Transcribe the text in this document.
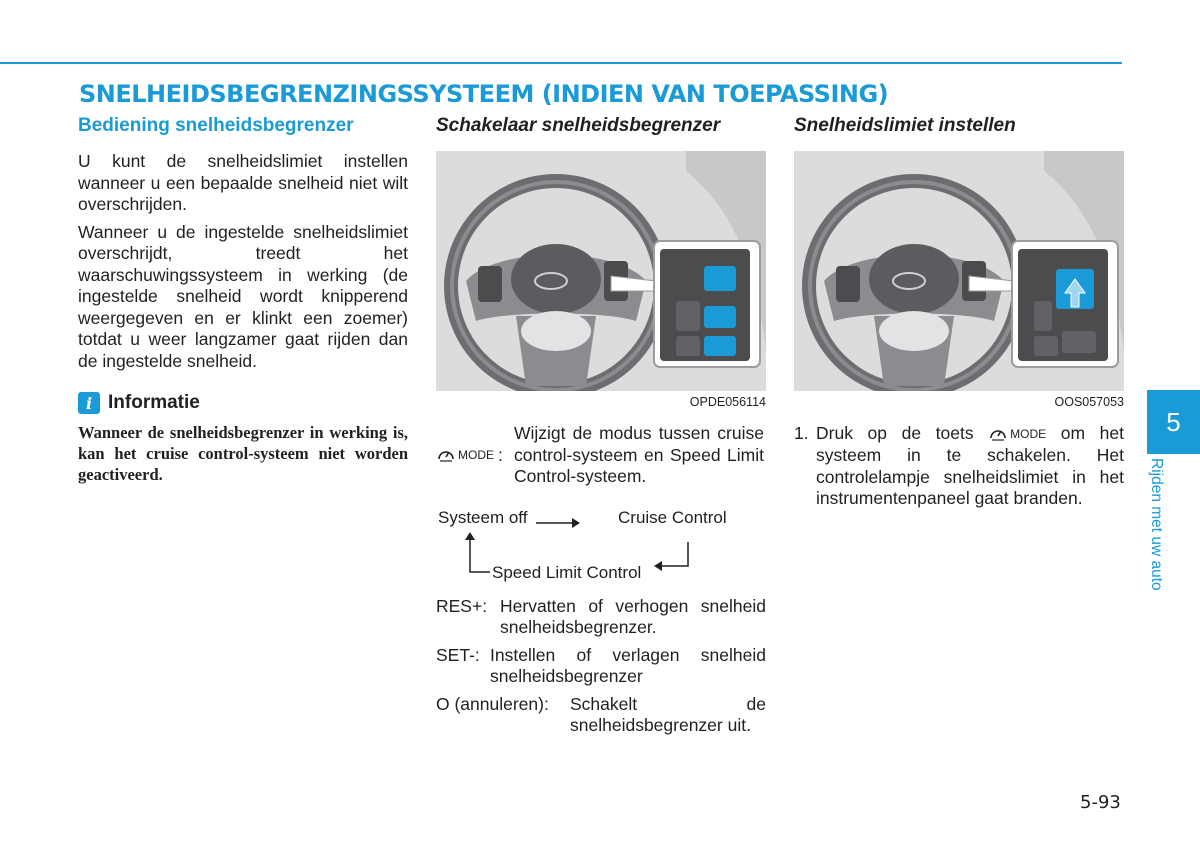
SNELHEIDSBEGRENZINGSSYSTEEM (INDIEN VAN TOEPASSING)
Bediening snelheidsbegrenzer

U kunt de snelheidslimiet instellen wanneer u een bepaalde snelheid niet wilt overschrijden.

Wanneer u de ingestelde snelheidslimiet overschrijdt, treedt het waarschuwingssysteem in werking (de ingestelde snelheid wordt knipperend weergegeven en er klinkt een zoemer) totdat u weer langzamer gaat rijden dan de ingestelde snelheid.

i Informatie
Wanneer de snelheidsbegrenzer in werking is, kan het cruise control-systeem niet worden geactiveerd.
Schakelaar snelheidsbegrenzer
OPDE056114
MODE :
Wijzigt de modus tussen cruise control-systeem en Speed Limit Control-systeem.
Systeem off	Cruise Control
Speed Limit Control
RES+: Hervatten of verhogen snelheid snelheidsbegrenzer.
SET-: Instellen of verlagen snelheid snelheidsbegrenzer
O (annuleren):	Schakelt de snelheidsbegrenzer uit.
Snelheidslimiet instellen
OOS057053
1. Druk op de toets	MODE om het systeem in te schakelen. Het controlelampje snelheidslimiet in het instrumentenpaneel gaat branden.
5
Rijden met uw auto
5-93
